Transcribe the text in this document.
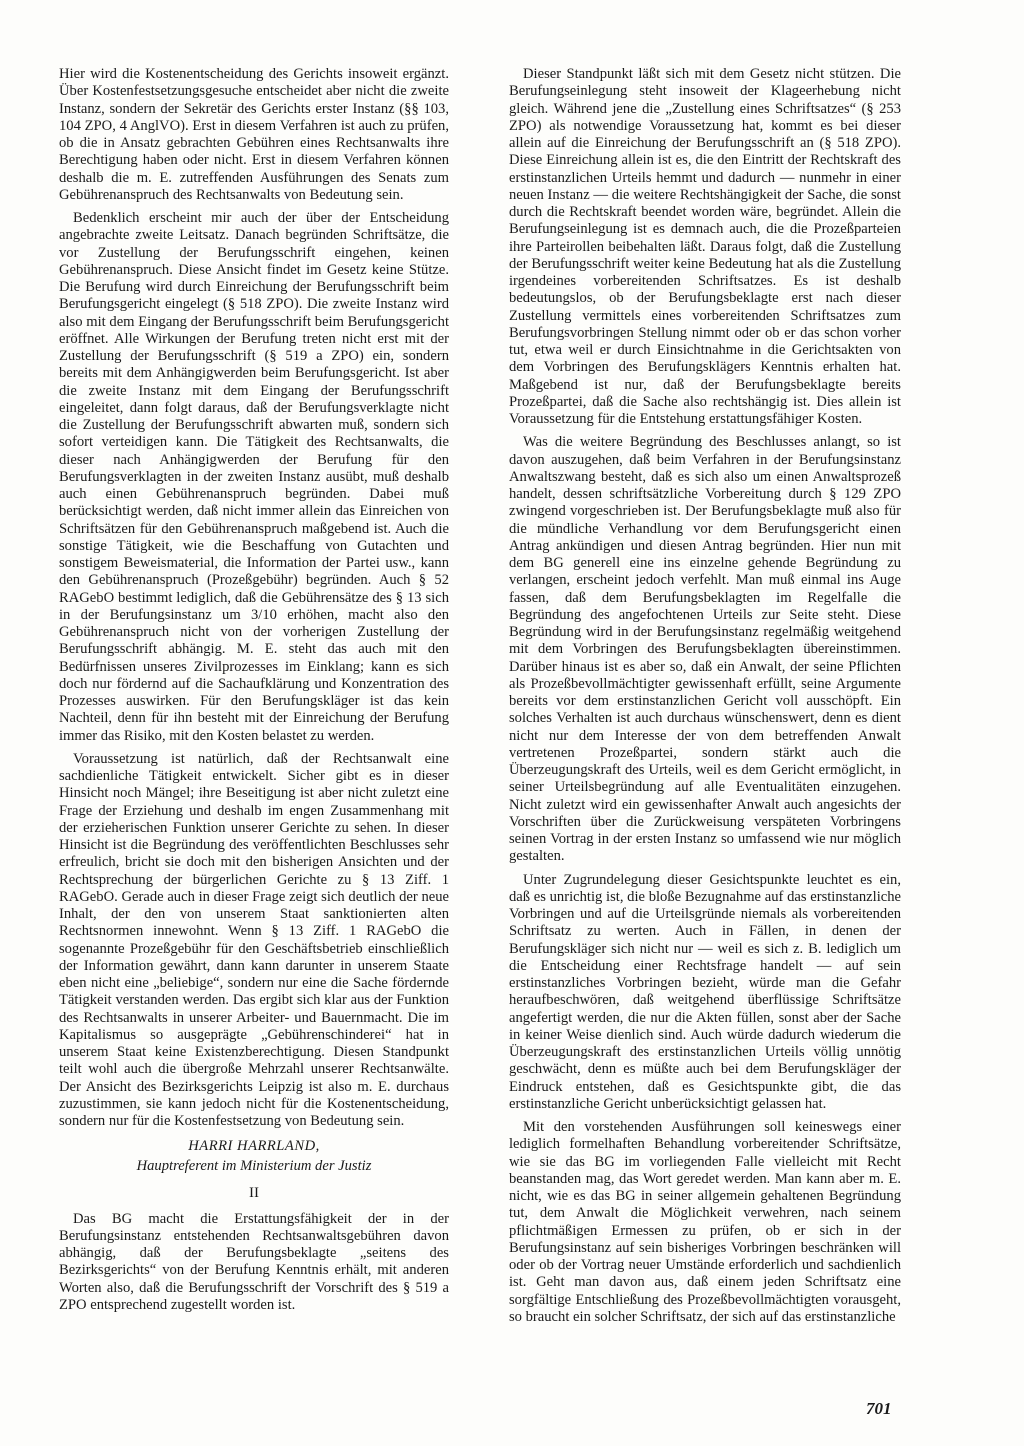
Hier wird die Kostenentscheidung des Gerichts insoweit ergänzt. Über Kostenfestsetzungsgesuche entscheidet aber nicht die zweite Instanz, sondern der Sekretär des Gerichts erster Instanz (§§ 103, 104 ZPO, 4 AnglVO). Erst in diesem Verfahren ist auch zu prüfen, ob die in Ansatz gebrachten Gebühren eines Rechtsanwalts ihre Berechtigung haben oder nicht. Erst in diesem Verfahren können deshalb die m. E. zutreffenden Ausführungen des Senats zum Gebührenanspruch des Rechtsanwalts von Bedeutung sein.

Bedenklich erscheint mir auch der über der Entscheidung angebrachte zweite Leitsatz. Danach begründen Schriftsätze, die vor Zustellung der Berufungsschrift eingehen, keinen Gebührenanspruch. Diese Ansicht findet im Gesetz keine Stütze. Die Berufung wird durch Einreichung der Berufungsschrift beim Berufungsgericht eingelegt (§ 518 ZPO). Die zweite Instanz wird also mit dem Eingang der Berufungsschrift beim Berufungsgericht eröffnet. Alle Wirkungen der Berufung treten nicht erst mit der Zustellung der Berufungsschrift (§ 519 a ZPO) ein, sondern bereits mit dem Anhängigwerden beim Berufungsgericht. Ist aber die zweite Instanz mit dem Eingang der Berufungsschrift eingeleitet, dann folgt daraus, daß der Berufungsverklagte nicht die Zustellung der Berufungsschrift abwarten muß, sondern sich sofort verteidigen kann. Die Tätigkeit des Rechtsanwalts, die dieser nach Anhängigwerden der Berufung für den Berufungsverklagten in der zweiten Instanz ausübt, muß deshalb auch einen Gebührenanspruch begründen. Dabei muß berücksichtigt werden, daß nicht immer allein das Einreichen von Schriftsätzen für den Gebührenanspruch maßgebend ist. Auch die sonstige Tätigkeit, wie die Beschaffung von Gutachten und sonstigem Beweismaterial, die Information der Partei usw., kann den Gebührenanspruch (Prozeßgebühr) begründen. Auch § 52 RAGebO bestimmt lediglich, daß die Gebührensätze des § 13 sich in der Berufungsinstanz um 3/10 erhöhen, macht also den Gebührenanspruch nicht von der vorherigen Zustellung der Berufungsschrift abhängig. M. E. steht das auch mit den Bedürfnissen unseres Zivilprozesses im Einklang; kann es sich doch nur fördernd auf die Sachaufklärung und Konzentration des Prozesses auswirken. Für den Berufungskläger ist das kein Nachteil, denn für ihn besteht mit der Einreichung der Berufung immer das Risiko, mit den Kosten belastet zu werden.

Voraussetzung ist natürlich, daß der Rechtsanwalt eine sachdienliche Tätigkeit entwickelt. Sicher gibt es in dieser Hinsicht noch Mängel; ihre Beseitigung ist aber nicht zuletzt eine Frage der Erziehung und deshalb im engen Zusammenhang mit der erzieherischen Funktion unserer Gerichte zu sehen. In dieser Hinsicht ist die Begründung des veröffentlichten Beschlusses sehr erfreulich, bricht sie doch mit den bisherigen Ansichten und der Rechtsprechung der bürgerlichen Gerichte zu § 13 Ziff. 1 RAGebO. Gerade auch in dieser Frage zeigt sich deutlich der neue Inhalt, der den von unserem Staat sanktionierten alten Rechtsnormen innewohnt. Wenn § 13 Ziff. 1 RAGebO die sogenannte Prozeßgebühr für den Geschäftsbetrieb einschließlich der Information gewährt, dann kann darunter in unserem Staate eben nicht eine „beliebige“, sondern nur eine die Sache fördernde Tätigkeit verstanden werden. Das ergibt sich klar aus der Funktion des Rechtsanwalts in unserer Arbeiter- und Bauernmacht. Die im Kapitalismus so ausgeprägte „Gebührenschinderei“ hat in unserem Staat keine Existenzberechtigung. Diesen Standpunkt teilt wohl auch die übergroße Mehrzahl unserer Rechtsanwälte. Der Ansicht des Bezirksgerichts Leipzig ist also m. E. durchaus zuzustimmen, sie kann jedoch nicht für die Kostenentscheidung, sondern nur für die Kostenfestsetzung von Bedeutung sein.

HARRI HARRLAND,
Hauptreferent im Ministerium der Justiz
II

Das BG macht die Erstattungsfähigkeit der in der Berufungsinstanz entstehenden Rechtsanwaltsgebühren davon abhängig, daß der Berufungsbeklagte „seitens des Bezirksgerichts“ von der Berufung Kenntnis erhält, mit anderen Worten also, daß die Berufungsschrift der Vorschrift des § 519 a ZPO entsprechend zugestellt worden ist.

Dieser Standpunkt läßt sich mit dem Gesetz nicht stützen. Die Berufungseinlegung steht insoweit der Klageerhebung nicht gleich. Während jene die „Zustellung eines Schriftsatzes“ (§ 253 ZPO) als notwendige Voraussetzung hat, kommt es bei dieser allein auf die Einreichung der Berufungsschrift an (§ 518 ZPO). Diese Einreichung allein ist es, die den Eintritt der Rechtskraft des erstinstanzlichen Urteils hemmt und dadurch — nunmehr in einer neuen Instanz — die weitere Rechtshängigkeit der Sache, die sonst durch die Rechtskraft beendet worden wäre, begründet. Allein die Berufungseinlegung ist es demnach auch, die die Prozeßparteien ihre Parteirollen beibehalten läßt. Daraus folgt, daß die Zustellung der Berufungsschrift weiter keine Bedeutung hat als die Zustellung irgendeines vorbereitenden Schriftsatzes. Es ist deshalb bedeutungslos, ob der Berufungsbeklagte erst nach dieser Zustellung vermittels eines vorbereitenden Schriftsatzes zum Berufungsvorbringen Stellung nimmt oder ob er das schon vorher tut, etwa weil er durch Einsichtnahme in die Gerichtsakten von dem Vorbringen des Berufungsklägers Kenntnis erhalten hat. Maßgebend ist nur, daß der Berufungsbeklagte bereits Prozeßpartei, daß die Sache also rechtshängig ist. Dies allein ist Voraussetzung für die Entstehung erstattungsfähiger Kosten.

Was die weitere Begründung des Beschlusses anlangt, so ist davon auszugehen, daß beim Verfahren in der Berufungsinstanz Anwaltszwang besteht, daß es sich also um einen Anwaltsprozeß handelt, dessen schriftsätzliche Vorbereitung durch § 129 ZPO zwingend vorgeschrieben ist. Der Berufungsbeklagte muß also für die mündliche Verhandlung vor dem Berufungsgericht einen Antrag ankündigen und diesen Antrag begründen. Hier nun mit dem BG generell eine ins einzelne gehende Begründung zu verlangen, erscheint jedoch verfehlt. Man muß einmal ins Auge fassen, daß dem Berufungsbeklagten im Regelfalle die Begründung des angefochtenen Urteils zur Seite steht. Diese Begründung wird in der Berufungsinstanz regelmäßig weitgehend mit dem Vorbringen des Berufungsbeklagten übereinstimmen. Darüber hinaus ist es aber so, daß ein Anwalt, der seine Pflichten als Prozeßbevollmächtigter gewissenhaft erfüllt, seine Argumente bereits vor dem erstinstanzlichen Gericht voll ausschöpft. Ein solches Verhalten ist auch durchaus wünschenswert, denn es dient nicht nur dem Interesse der von dem betreffenden Anwalt vertretenen Prozeßpartei, sondern stärkt auch die Überzeugungskraft des Urteils, weil es dem Gericht ermöglicht, in seiner Urteilsbegründung auf alle Eventualitäten einzugehen. Nicht zuletzt wird ein gewissenhafter Anwalt auch angesichts der Vorschriften über die Zurückweisung verspäteten Vorbringens seinen Vortrag in der ersten Instanz so umfassend wie nur möglich gestalten.

Unter Zugrundelegung dieser Gesichtspunkte leuchtet es ein, daß es unrichtig ist, die bloße Bezugnahme auf das erstinstanzliche Vorbringen und auf die Urteilsgründe niemals als vorbereitenden Schriftsatz zu werten. Auch in Fällen, in denen der Berufungskläger sich nicht nur — weil es sich z. B. lediglich um die Entscheidung einer Rechtsfrage handelt — auf sein erstinstanzliches Vorbringen bezieht, würde man die Gefahr heraufbeschwören, daß weitgehend überflüssige Schriftsätze angefertigt werden, die nur die Akten füllen, sonst aber der Sache in keiner Weise dienlich sind. Auch würde dadurch wiederum die Überzeugungskraft des erstinstanzlichen Urteils völlig unnötig geschwächt, denn es müßte auch bei dem Berufungskläger der Eindruck entstehen, daß es Gesichtspunkte gibt, die das erstinstanzliche Gericht unberücksichtigt gelassen hat.

Mit den vorstehenden Ausführungen soll keineswegs einer lediglich formelhaften Behandlung vorbereitender Schriftsätze, wie sie das BG im vorliegenden Falle vielleicht mit Recht beanstanden mag, das Wort geredet werden. Man kann aber m. E. nicht, wie es das BG in seiner allgemein gehaltenen Begründung tut, dem Anwalt die Möglichkeit verwehren, nach seinem pflichtmäßigen Ermessen zu prüfen, ob er sich in der Berufungsinstanz auf sein bisheriges Vorbringen beschränken will oder ob der Vortrag neuer Umstände erforderlich und sachdienlich ist. Geht man davon aus, daß einem jeden Schriftsatz eine sorgfältige Entschließung des Prozeßbevollmächtigten vorausgeht, so braucht ein solcher Schriftsatz, der sich auf das erstinstanzliche

701
